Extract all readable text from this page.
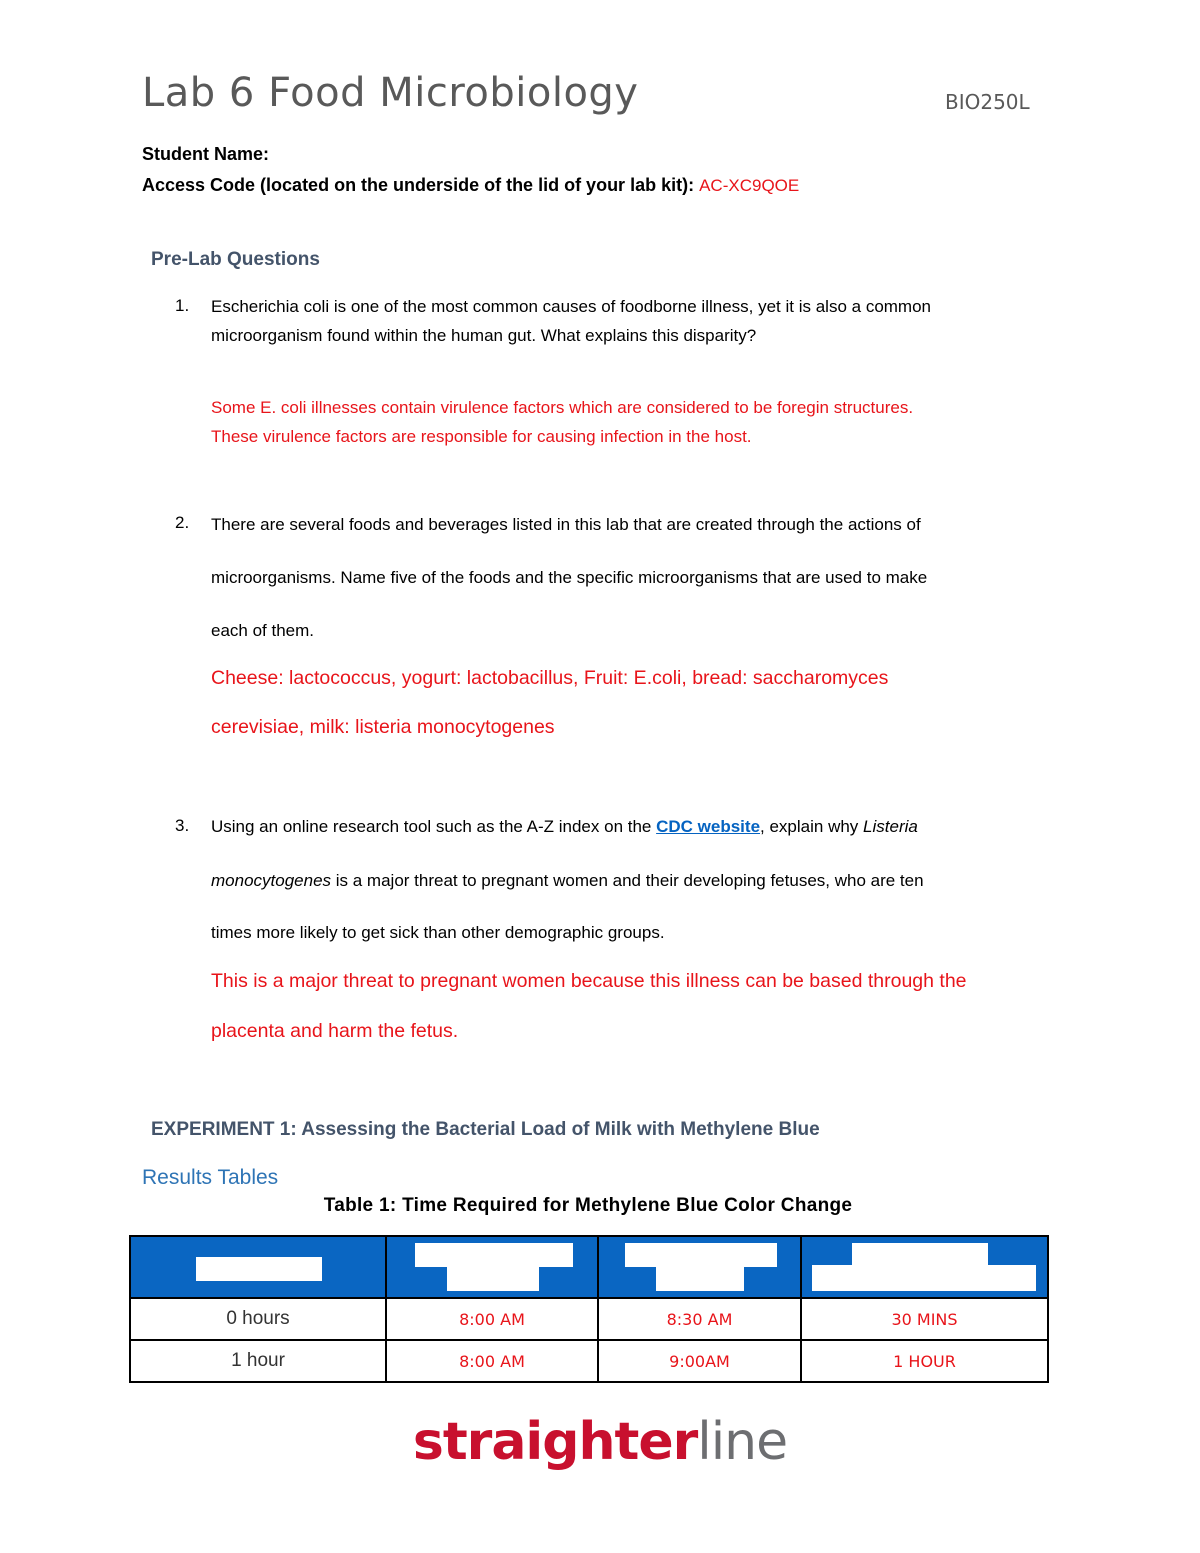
Lab 6 Food Microbiology	BIO250L
Student Name:
Access Code (located on the underside of the lid of your lab kit): AC-XC9QOE
Pre-Lab Questions
1. Escherichia coli is one of the most common causes of foodborne illness, yet it is also a common
microorganism found within the human gut. What explains this disparity?
Some E. coli illnesses contain virulence factors which are considered to be foregin structures.
These virulence factors are responsible for causing infection in the host.
2. There are several foods and beverages listed in this lab that are created through the actions of
microorganisms. Name five of the foods and the specific microorganisms that are used to make
each of them.
Cheese: lactococcus, yogurt: lactobacillus, Fruit: E.coli, bread: saccharomyces
cerevisiae, milk: listeria monocytogenes
3. Using an online research tool such as the A-Z index on the CDC website, explain why Listeria
monocytogenes is a major threat to pregnant women and their developing fetuses, who are ten
times more likely to get sick than other demographic groups.
This is a major threat to pregnant women because this illness can be based through the
placenta and harm the fetus.
EXPERIMENT 1: Assessing the Bacterial Load of Milk with Methylene Blue
Results Tables
Table 1: Time Required for Methylene Blue Color Change

0 hours	8:00 AM	8:30 AM	30 MINS
1 hour	8:00 AM	9:00AM	1 HOUR
straighterline
